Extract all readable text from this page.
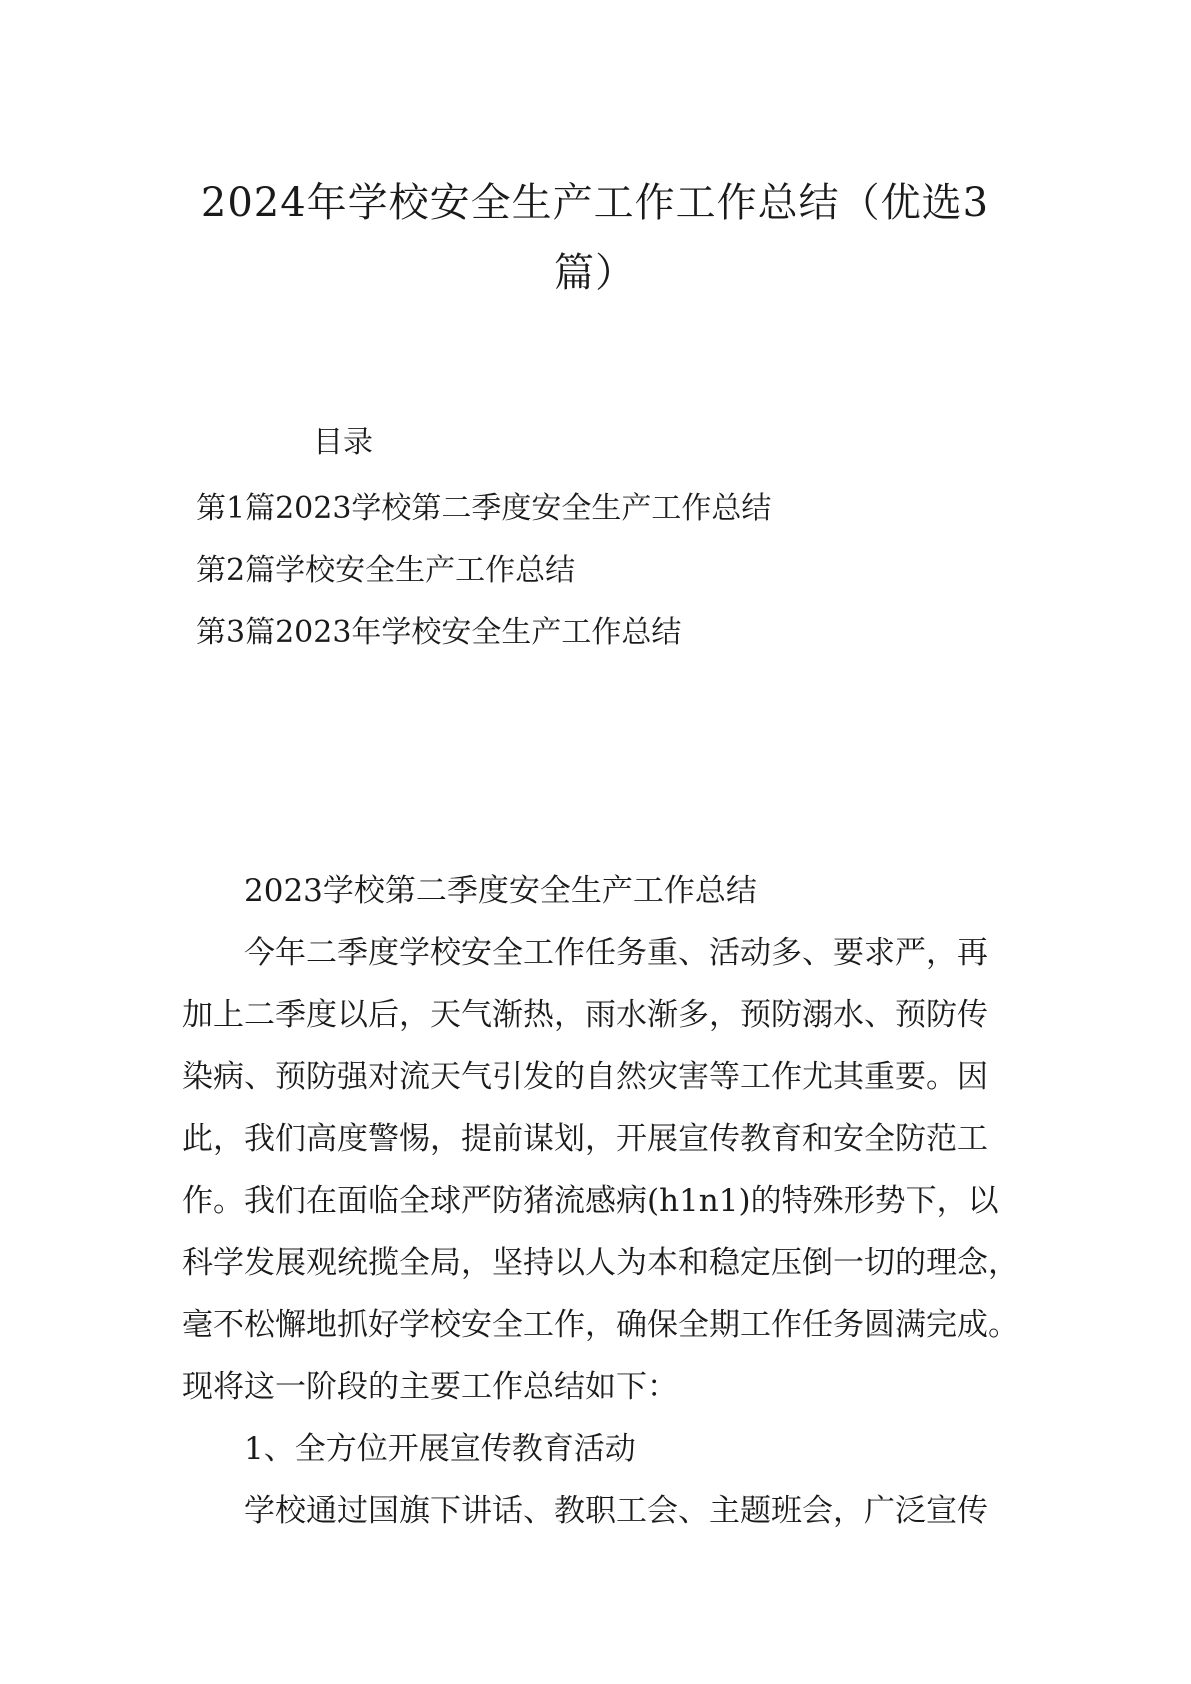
2024年学校安全生产工作工作总结（优选3
篇）
目录
第1篇2023学校第二季度安全生产工作总结
第2篇学校安全生产工作总结
第3篇2023年学校安全生产工作总结
2023学校第二季度安全生产工作总结
今年二季度学校安全工作任务重、活动多、要求严，再
加上二季度以后，天气渐热，雨水渐多，预防溺水、预防传
染病、预防强对流天气引发的自然灾害等工作尤其重要。因
此，我们高度警惕，提前谋划，开展宣传教育和安全防范工
作。我们在面临全球严防猪流感病(h1n1)的特殊形势下，以
科学发展观统揽全局，坚持以人为本和稳定压倒一切的理念，
毫不松懈地抓好学校安全工作，确保全期工作任务圆满完成。
现将这一阶段的主要工作总结如下：
1、全方位开展宣传教育活动
学校通过国旗下讲话、教职工会、主题班会，广泛宣传
